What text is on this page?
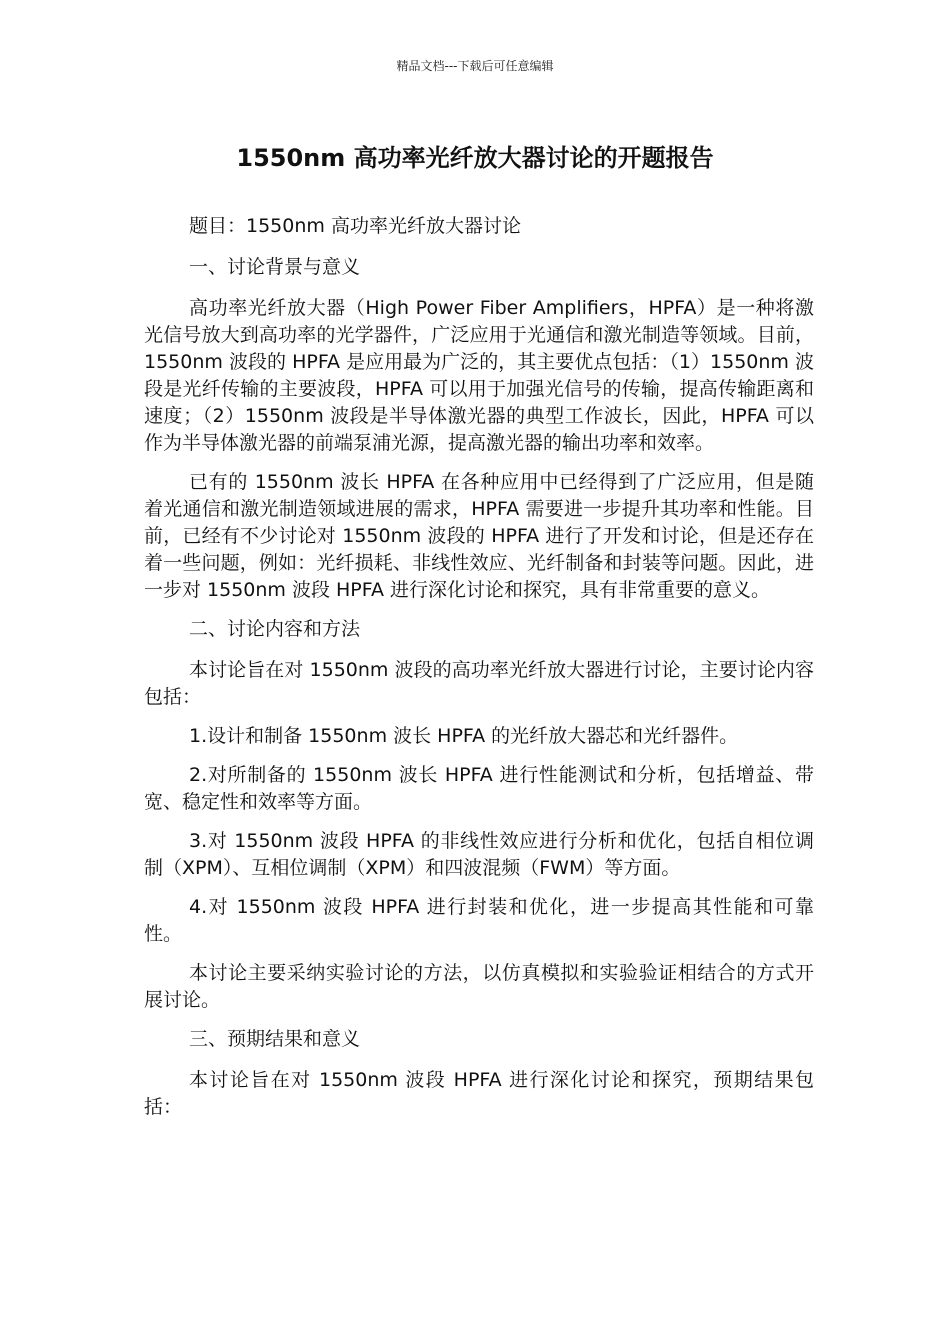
精品文档---下载后可任意编辑
1550nm 高功率光纤放大器讨论的开题报告

题目：1550nm 高功率光纤放大器讨论

一、讨论背景与意义

高功率光纤放大器（High Power Fiber Amplifiers，HPFA）是一种将激光信号放大到高功率的光学器件，广泛应用于光通信和激光制造等领域。目前，1550nm 波段的 HPFA 是应用最为广泛的，其主要优点包括：（1）1550nm 波段是光纤传输的主要波段，HPFA 可以用于加强光信号的传输，提高传输距离和速度；（2）1550nm 波段是半导体激光器的典型工作波长，因此，HPFA 可以作为半导体激光器的前端泵浦光源，提高激光器的输出功率和效率。

已有的 1550nm 波长 HPFA 在各种应用中已经得到了广泛应用，但是随着光通信和激光制造领域进展的需求，HPFA 需要进一步提升其功率和性能。目前，已经有不少讨论对 1550nm 波段的 HPFA 进行了开发和讨论，但是还存在着一些问题，例如：光纤损耗、非线性效应、光纤制备和封装等问题。因此，进一步对 1550nm 波段 HPFA 进行深化讨论和探究，具有非常重要的意义。

二、讨论内容和方法

本讨论旨在对 1550nm 波段的高功率光纤放大器进行讨论，主要讨论内容包括：

1.设计和制备 1550nm 波长 HPFA 的光纤放大器芯和光纤器件。

2.对所制备的 1550nm 波长 HPFA 进行性能测试和分析，包括增益、带宽、稳定性和效率等方面。

3.对 1550nm 波段 HPFA 的非线性效应进行分析和优化，包括自相位调制（XPM）、互相位调制（XPM）和四波混频（FWM）等方面。

4.对 1550nm 波段 HPFA 进行封装和优化，进一步提高其性能和可靠性。

本讨论主要采纳实验讨论的方法，以仿真模拟和实验验证相结合的方式开展讨论。

三、预期结果和意义

本讨论旨在对 1550nm 波段 HPFA 进行深化讨论和探究，预期结果包括：
